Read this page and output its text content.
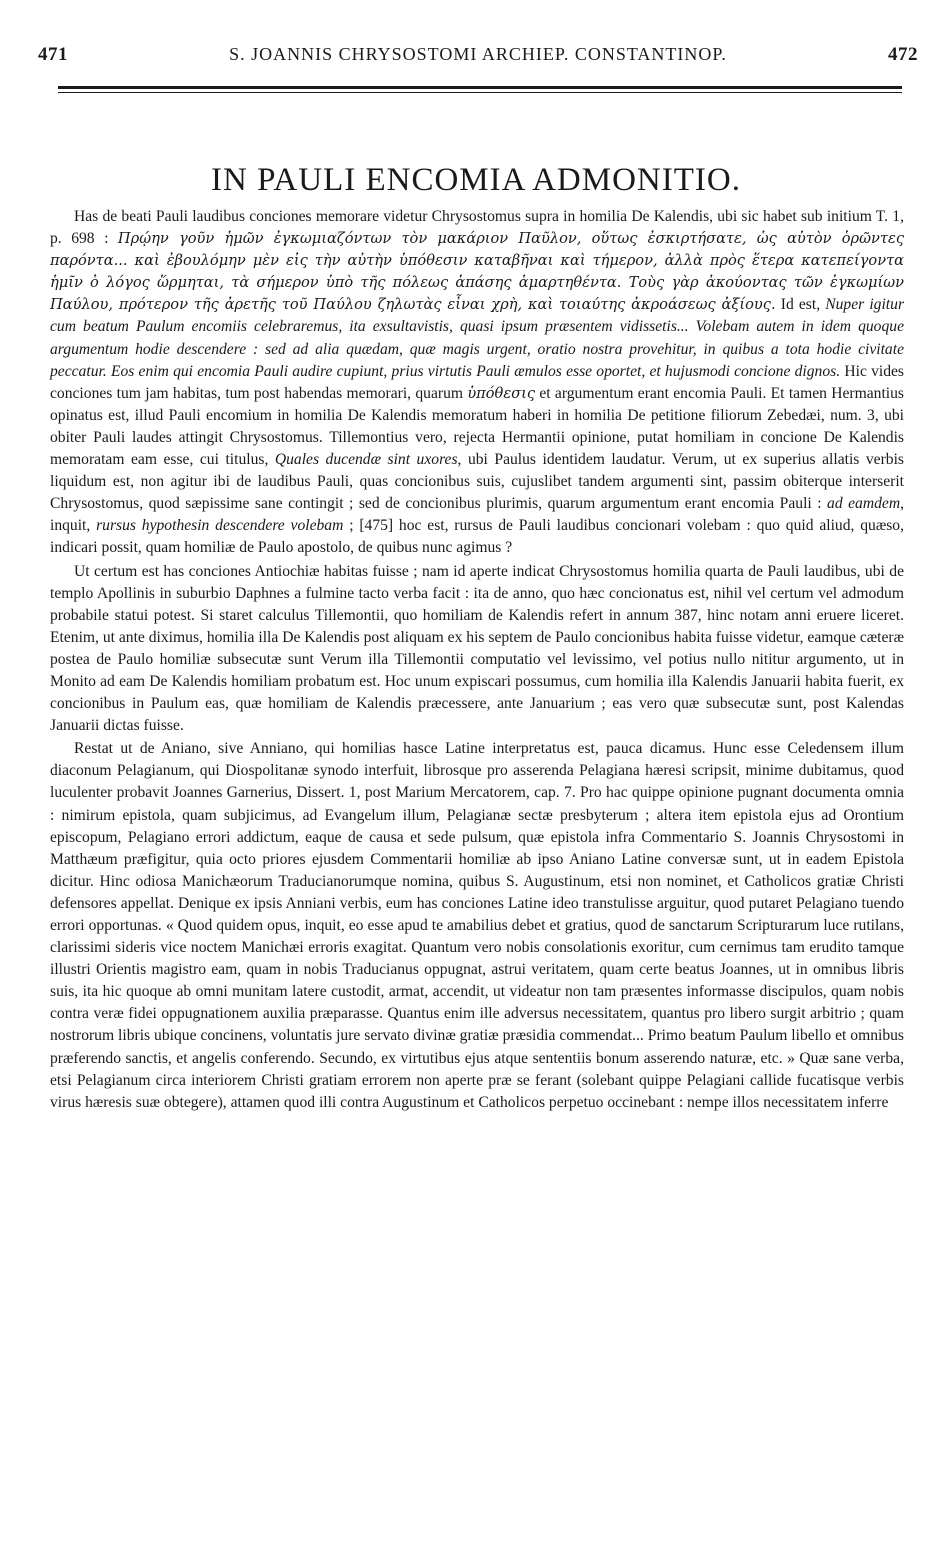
471	S. JOANNIS CHRYSOSTOMI ARCHIEP. CONSTANTINOP.	472
IN PAULI ENCOMIA ADMONITIO.

Has de beati Pauli laudibus conciones memorare videtur Chrysostomus supra in homilia De Kalendis, ubi sic habet sub initium T. 1, p. 698 : Πρῴην γοῦν ἡμῶν ἐγκωμιαζόντων τὸν μακάριον Παῦλον, οὕτως ἐσκιρτήσατε, ὡς αὐτὸν ὁρῶντες παρόντα... καὶ ἐβουλόμην μὲν εἰς τὴν αὐτὴν ὑπόθεσιν καταβῆναι καὶ τήμερον, ἀλλὰ πρὸς ἕτερα κατεπείγοντα ἡμῖν ὁ λόγος ὥρμηται, τὰ σήμερον ὑπὸ τῆς πόλεως ἁπάσης ἁμαρτηθέντα. Τοὺς γὰρ ἀκούοντας τῶν ἐγκωμίων Παύλου, πρότερον τῆς ἀρετῆς τοῦ Παύλου ζηλωτὰς εἶναι χρὴ, καὶ τοιαύτης ἀκροάσεως ἀξίους. Id est, Nuper igitur cum beatum Paulum encomiis celebraremus, ita exsultavistis, quasi ipsum præsentem vidissetis... Volebam autem in idem quoque argumentum hodie descendere : sed ad alia quædam, quæ magis urgent, oratio nostra provehitur, in quibus a tota hodie civitate peccatur. Eos enim qui encomia Pauli audire cupiunt, prius virtutis Pauli æmulos esse oportet, et hujusmodi concione dignos. Hic vides conciones tum jam habitas, tum post habendas memorari, quarum ὑπόθεσις et argumentum erant encomia Pauli. Et tamen Hermantius opinatus est, illud Pauli encomium in homilia De Kalendis memoratum haberi in homilia De petitione filiorum Zebedæi, num. 3, ubi obiter Pauli laudes attingit Chrysostomus. Tillemontius vero, rejecta Hermantii opinione, putat homiliam in concione De Kalendis memoratam eam esse, cui titulus, Quales ducendæ sint uxores, ubi Paulus identidem laudatur. Verum, ut ex superius allatis verbis liquidum est, non agitur ibi de laudibus Pauli, quas concionibus suis, cujuslibet tandem argumenti sint, passim obiterque interserit Chrysostomus, quod sæpissime sane contingit ; sed de concionibus plurimis, quarum argumentum erant encomia Pauli : ad eamdem, inquit, rursus hypothesin descendere volebam ; [475] hoc est, rursus de Pauli laudibus concionari volebam : quo quid aliud, quæso, indicari possit, quam homiliæ de Paulo apostolo, de quibus nunc agimus ?

Ut certum est has conciones Antiochiæ habitas fuisse ; nam id aperte indicat Chrysostomus homilia quarta de Pauli laudibus, ubi de templo Apollinis in suburbio Daphnes a fulmine tacto verba facit : ita de anno, quo hæc concionatus est, nihil vel certum vel admodum probabile statui potest. Si staret calculus Tillemontii, quo homiliam de Kalendis refert in annum 387, hinc notam anni eruere liceret. Etenim, ut ante diximus, homilia illa De Kalendis post aliquam ex his septem de Paulo concionibus habita fuisse videtur, eamque cæteræ postea de Paulo homiliæ subsecutæ sunt Verum illa Tillemontii computatio vel levissimo, vel potius nullo nititur argumento, ut in Monito ad eam De Kalendis homiliam probatum est. Hoc unum expiscari possumus, cum homilia illa Kalendis Januarii habita fuerit, ex concionibus in Paulum eas, quæ homiliam de Kalendis præcessere, ante Januarium ; eas vero quæ subsecutæ sunt, post Kalendas Januarii dictas fuisse.

Restat ut de Aniano, sive Anniano, qui homilias hasce Latine interpretatus est, pauca dicamus. Hunc esse Celedensem illum diaconum Pelagianum, qui Diospolitanæ synodo interfuit, librosque pro asserenda Pelagiana hæresi scripsit, minime dubitamus, quod luculenter probavit Joannes Garnerius, Dissert. 1, post Marium Mercatorem, cap. 7. Pro hac quippe opinione pugnant documenta omnia : nimirum epistola, quam subjicimus, ad Evangelum illum, Pelagianæ sectæ presbyterum ; altera item epistola ejus ad Orontium episcopum, Pelagiano errori addictum, eaque de causa et sede pulsum, quæ epistola infra Commentario S. Joannis Chrysostomi in Matthæum præfigitur, quia octo priores ejusdem Commentarii homiliæ ab ipso Aniano Latine conversæ sunt, ut in eadem Epistola dicitur. Hinc odiosa Manichæorum Traducianorumque nomina, quibus S. Augustinum, etsi non nominet, et Catholicos gratiæ Christi defensores appellat. Denique ex ipsis Anniani verbis, eum has conciones Latine ideo transtulisse arguitur, quod putaret Pelagiano tuendo errori opportunas. « Quod quidem opus, inquit, eo esse apud te amabilius debet et gratius, quod de sanctarum Scripturarum luce rutilans, clarissimi sideris vice noctem Manichæi erroris exagitat. Quantum vero nobis consolationis exoritur, cum cernimus tam erudito tamque illustri Orientis magistro eam, quam in nobis Traducianus oppugnat, astrui veritatem, quam certe beatus Joannes, ut in omnibus libris suis, ita hic quoque ab omni munitam latere custodit, armat, accendit, ut videatur non tam præsentes informasse discipulos, quam nobis contra veræ fidei oppugnationem auxilia præparasse. Quantus enim ille adversus necessitatem, quantus pro libero surgit arbitrio ; quam nostrorum libris ubique concinens, voluntatis jure servato divinæ gratiæ præsidia commendat... Primo beatum Paulum libello et omnibus præferendo sanctis, et angelis conferendo. Secundo, ex virtutibus ejus atque sententiis bonum asserendo naturæ, etc. » Quæ sane verba, etsi Pelagianum circa interiorem Christi gratiam errorem non aperte præ se ferant (solebant quippe Pelagiani callide fucatisque verbis virus hæresis suæ obtegere), attamen quod illi contra Augustinum et Catholicos perpetuo occinebant : nempe illos necessitatem inferre
